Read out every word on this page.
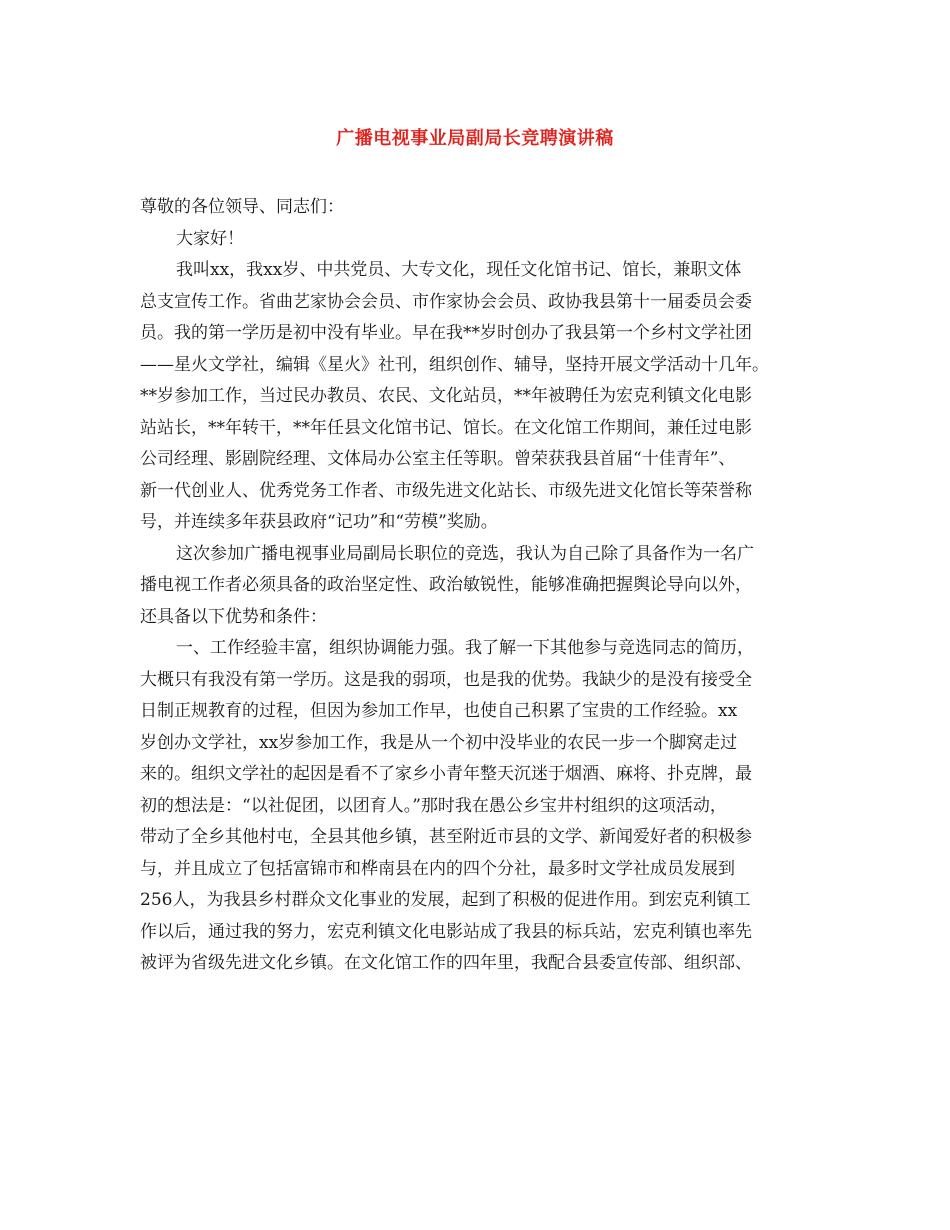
广播电视事业局副局长竞聘演讲稿
尊敬的各位领导、同志们：
大家好！
我叫xx，我xx岁、中共党员、大专文化，现任文化馆书记、馆长，兼职文体
总支宣传工作。省曲艺家协会会员、市作家协会会员、政协我县第十一届委员会委
员。我的第一学历是初中没有毕业。早在我**岁时创办了我县第一个乡村文学社团
——星火文学社，编辑《星火》社刊，组织创作、辅导，坚持开展文学活动十几年。
**岁参加工作，当过民办教员、农民、文化站员，**年被聘任为宏克利镇文化电影
站站长，**年转干，**年任县文化馆书记、馆长。在文化馆工作期间，兼任过电影
公司经理、影剧院经理、文体局办公室主任等职。曾荣获我县首届“十佳青年”、
新一代创业人、优秀党务工作者、市级先进文化站长、市级先进文化馆长等荣誉称
号，并连续多年获县政府“记功”和“劳模”奖励。
这次参加广播电视事业局副局长职位的竞选，我认为自己除了具备作为一名广
播电视工作者必须具备的政治坚定性、政治敏锐性，能够准确把握舆论导向以外，
还具备以下优势和条件：
一、工作经验丰富，组织协调能力强。我了解一下其他参与竞选同志的简历，
大概只有我没有第一学历。这是我的弱项，也是我的优势。我缺少的是没有接受全
日制正规教育的过程，但因为参加工作早，也使自己积累了宝贵的工作经验。xx
岁创办文学社，xx岁参加工作，我是从一个初中没毕业的农民一步一个脚窝走过
来的。组织文学社的起因是看不了家乡小青年整天沉迷于烟酒、麻将、扑克牌，最
初的想法是：“以社促团，以团育人。”那时我在愚公乡宝井村组织的这项活动，
带动了全乡其他村屯，全县其他乡镇，甚至附近市县的文学、新闻爱好者的积极参
与，并且成立了包括富锦市和桦南县在内的四个分社，最多时文学社成员发展到
256人，为我县乡村群众文化事业的发展，起到了积极的促进作用。到宏克利镇工
作以后，通过我的努力，宏克利镇文化电影站成了我县的标兵站，宏克利镇也率先
被评为省级先进文化乡镇。在文化馆工作的四年里，我配合县委宣传部、组织部、
